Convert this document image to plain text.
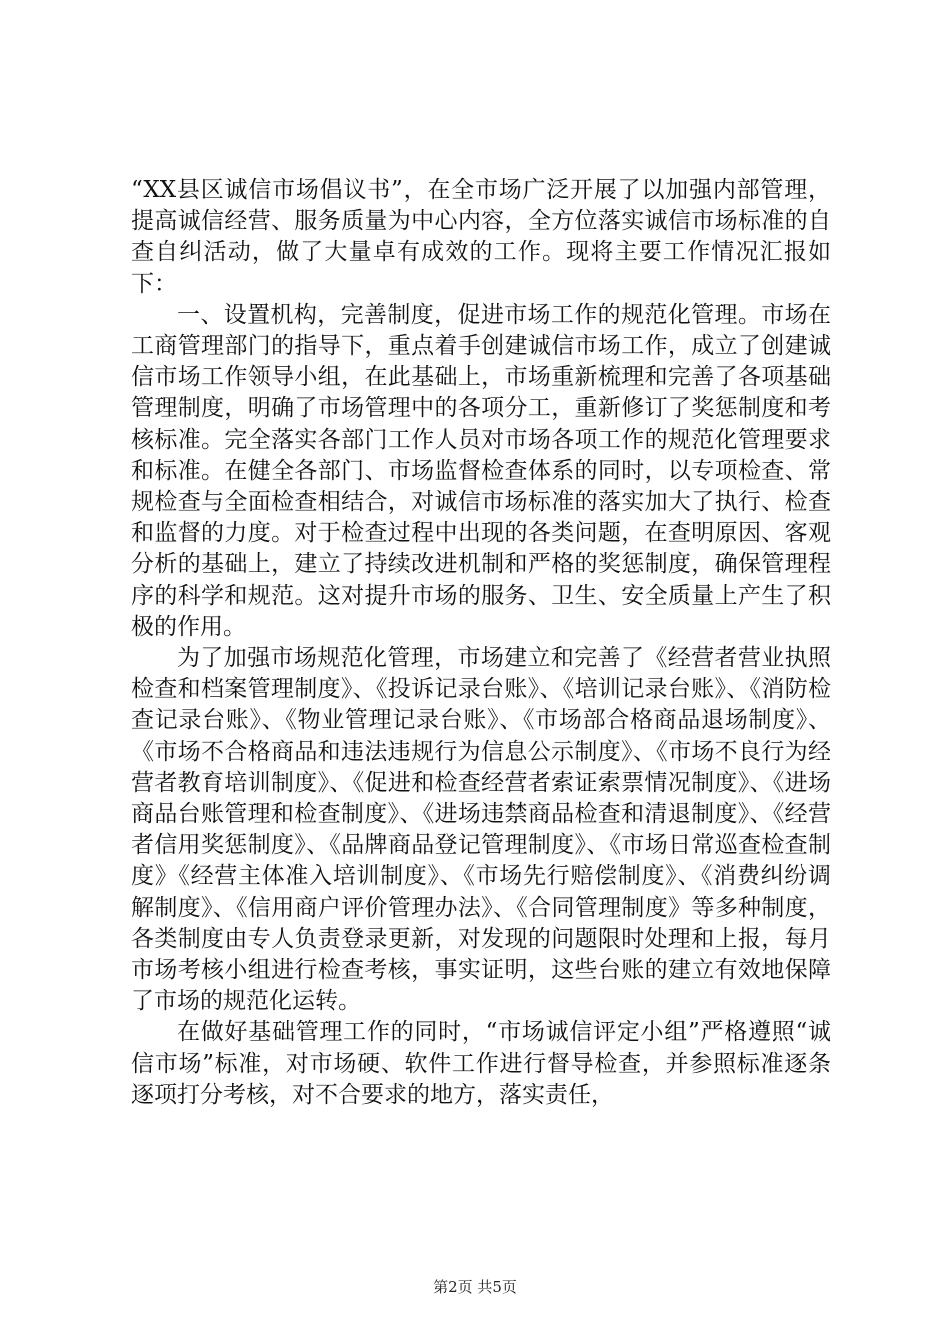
“XX县区诚信市场倡议书”，在全市场广泛开展了以加强内部管理，提高诚信经营、服务质量为中心内容，全方位落实诚信市场标准的自查自纠活动，做了大量卓有成效的工作。现将主要工作情况汇报如下：

一、设置机构，完善制度，促进市场工作的规范化管理。市场在工商管理部门的指导下，重点着手创建诚信市场工作，成立了创建诚信市场工作领导小组，在此基础上，市场重新梳理和完善了各项基础管理制度，明确了市场管理中的各项分工，重新修订了奖惩制度和考核标准。完全落实各部门工作人员对市场各项工作的规范化管理要求和标准。在健全各部门、市场监督检查体系的同时，以专项检查、常规检查与全面检查相结合，对诚信市场标准的落实加大了执行、检查和监督的力度。对于检查过程中出现的各类问题，在查明原因、客观分析的基础上，建立了持续改进机制和严格的奖惩制度，确保管理程序的科学和规范。这对提升市场的服务、卫生、安全质量上产生了积极的作用。

为了加强市场规范化管理，市场建立和完善了《经营者营业执照检查和档案管理制度》、《投诉记录台账》、《培训记录台账》、《消防检查记录台账》、《物业管理记录台账》、《市场部合格商品退场制度》、《市场不合格商品和违法违规行为信息公示制度》、《市场不良行为经营者教育培训制度》、《促进和检查经营者索证索票情况制度》、《进场商品台账管理和检查制度》、《进场违禁商品检查和清退制度》、《经营者信用奖惩制度》、《品牌商品登记管理制度》、《市场日常巡查检查制度》《经营主体准入培训制度》、《市场先行赔偿制度》、《消费纠纷调解制度》、《信用商户评价管理办法》、《合同管理制度》等多种制度，各类制度由专人负责登录更新，对发现的问题限时处理和上报，每月市场考核小组进行检查考核，事实证明，这些台账的建立有效地保障了市场的规范化运转。

在做好基础管理工作的同时，“市场诚信评定小组”严格遵照“诚信市场”标准，对市场硬、软件工作进行督导检查，并参照标准逐条逐项打分考核，对不合要求的地方，落实责任，

第2页 共5页
